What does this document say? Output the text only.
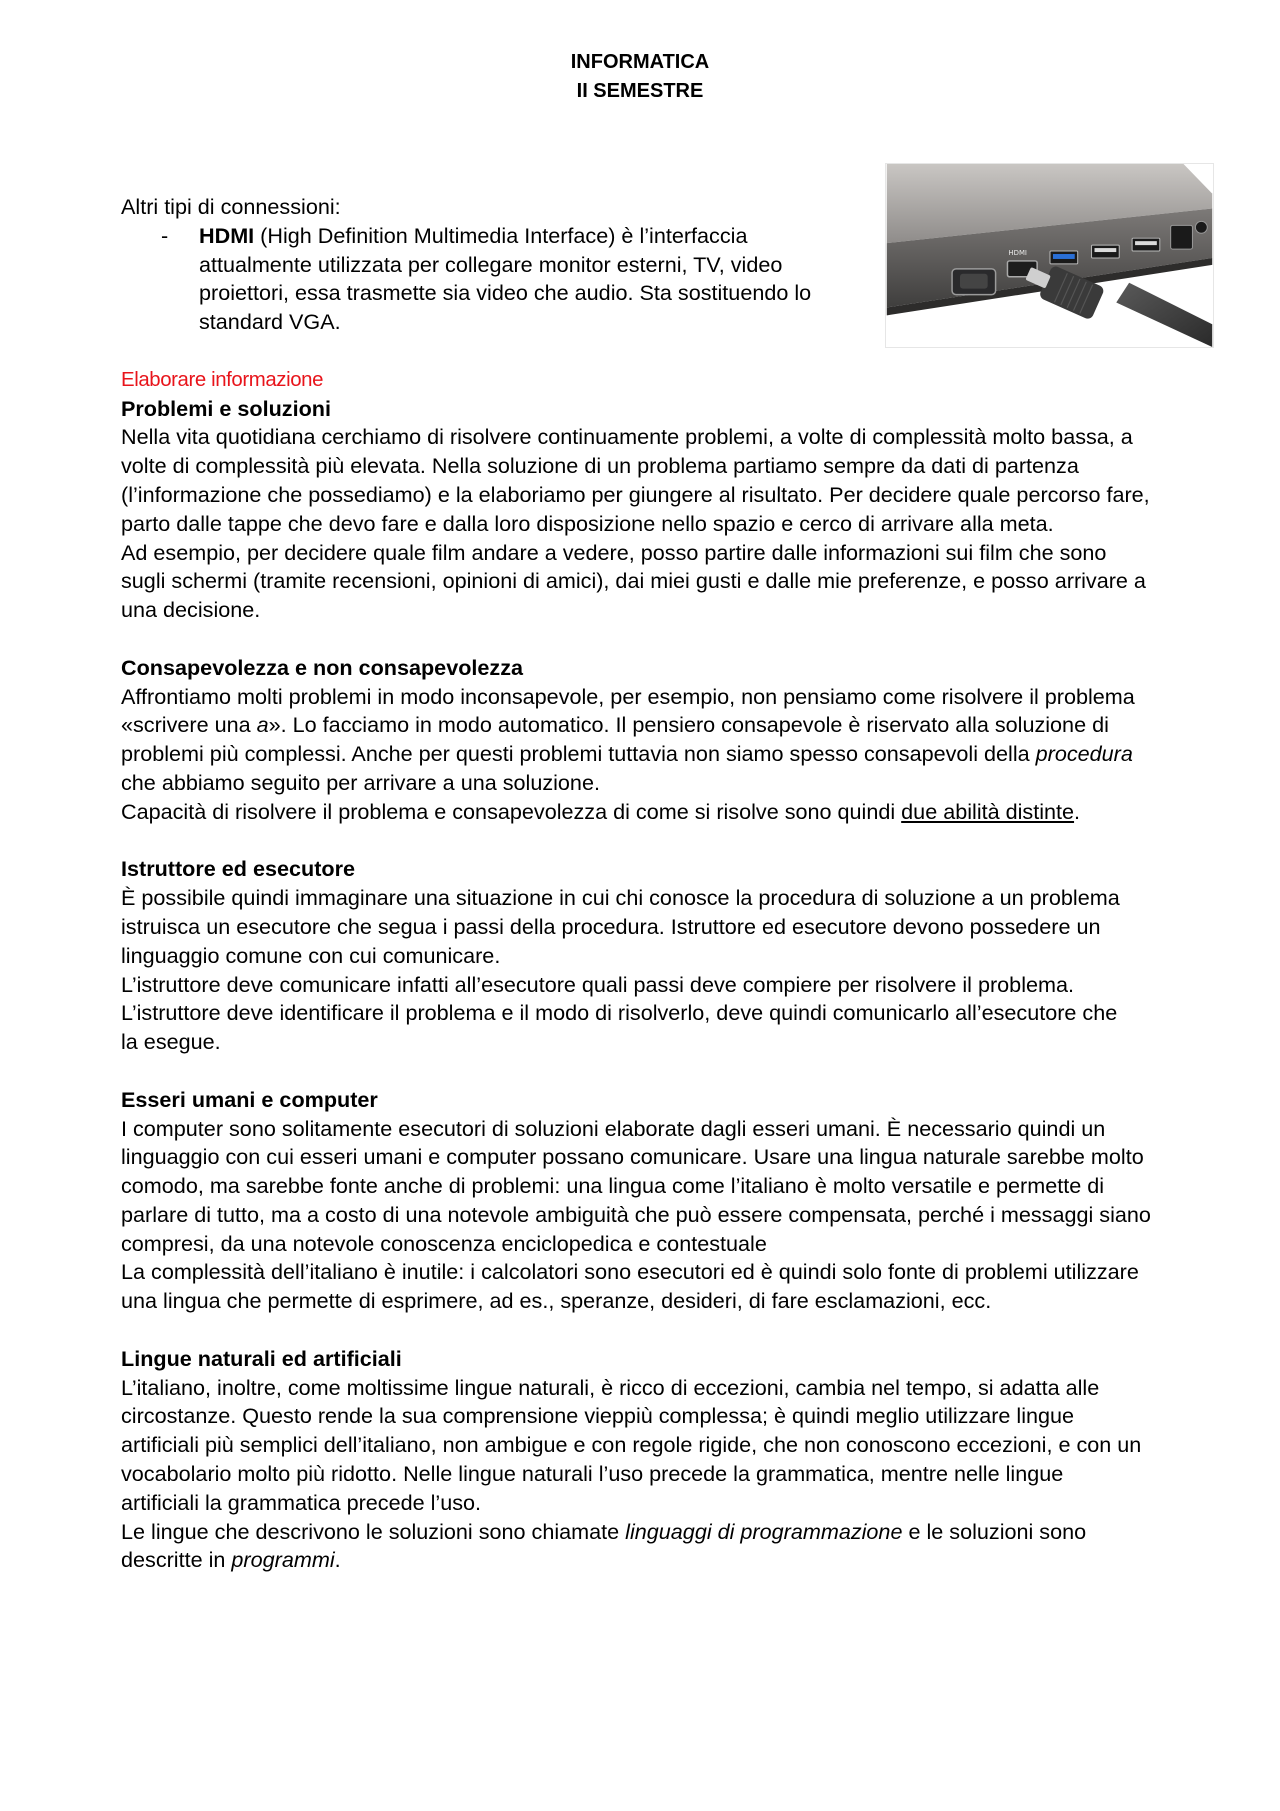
INFORMATICA
II SEMESTRE
HDMI

Altri tipi di connessioni:

-	HDMI (High Definition Multimedia Interface) è l’interfaccia

attualmente utilizzata per collegare monitor esterni, TV, video

proiettori, essa trasmette sia video che audio. Sta sostituendo lo

standard VGA.

Elaborare informazione

Problemi e soluzioni

Nella vita quotidiana cerchiamo di risolvere continuamente problemi, a volte di complessità molto bassa, a

volte di complessità più elevata. Nella soluzione di un problema partiamo sempre da dati di partenza

(l’informazione che possediamo) e la elaboriamo per giungere al risultato. Per decidere quale percorso fare,

parto dalle tappe che devo fare e dalla loro disposizione nello spazio e cerco di arrivare alla meta.

Ad esempio, per decidere quale film andare a vedere, posso partire dalle informazioni sui film che sono

sugli schermi (tramite recensioni, opinioni di amici), dai miei gusti e dalle mie preferenze, e posso arrivare a

una decisione.

Consapevolezza e non consapevolezza

Affrontiamo molti problemi in modo inconsapevole, per esempio, non pensiamo come risolvere il problema

«scrivere una a». Lo facciamo in modo automatico. Il pensiero consapevole è riservato alla soluzione di

problemi più complessi. Anche per questi problemi tuttavia non siamo spesso consapevoli della procedura

che abbiamo seguito per arrivare a una soluzione.

Capacità di risolvere il problema e consapevolezza di come si risolve sono quindi due abilità distinte.

Istruttore ed esecutore

È possibile quindi immaginare una situazione in cui chi conosce la procedura di soluzione a un problema

istruisca un esecutore che segua i passi della procedura. Istruttore ed esecutore devono possedere un

linguaggio comune con cui comunicare.

L’istruttore deve comunicare infatti all’esecutore quali passi deve compiere per risolvere il problema.

L’istruttore deve identificare il problema e il modo di risolverlo, deve quindi comunicarlo all’esecutore che

la esegue.

Esseri umani e computer

I computer sono solitamente esecutori di soluzioni elaborate dagli esseri umani. È necessario quindi un

linguaggio con cui esseri umani e computer possano comunicare. Usare una lingua naturale sarebbe molto

comodo, ma sarebbe fonte anche di problemi: una lingua come l’italiano è molto versatile e permette di

parlare di tutto, ma a costo di una notevole ambiguità che può essere compensata, perché i messaggi siano

compresi, da una notevole conoscenza enciclopedica e contestuale

La complessità dell’italiano è inutile: i calcolatori sono esecutori ed è quindi solo fonte di problemi utilizzare

una lingua che permette di esprimere, ad es., speranze, desideri, di fare esclamazioni, ecc.

Lingue naturali ed artificiali

L’italiano, inoltre, come moltissime lingue naturali, è ricco di eccezioni, cambia nel tempo, si adatta alle

circostanze. Questo rende la sua comprensione vieppiù complessa; è quindi meglio utilizzare lingue

artificiali più semplici dell’italiano, non ambigue e con regole rigide, che non conoscono eccezioni, e con un

vocabolario molto più ridotto. Nelle lingue naturali l’uso precede la grammatica, mentre nelle lingue

artificiali la grammatica precede l’uso.

Le lingue che descrivono le soluzioni sono chiamate linguaggi di programmazione e le soluzioni sono

descritte in programmi.
